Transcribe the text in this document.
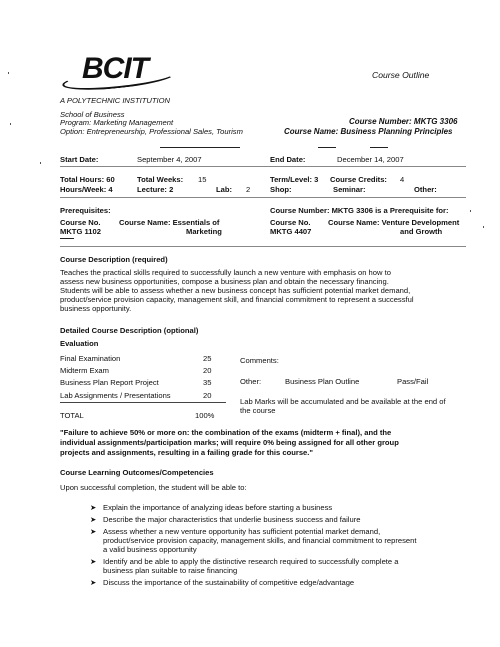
BCIT	Course Outline
A POLYTECHNIC INSTITUTION
School of Business
Program: Marketing Management
Option: Entrepreneurship, Professional Sales, Tourism
Course Number: MKTG 3306
Course Name: Business Planning Principles
Start Date:	September 4, 2007	End Date:	December 14, 2007
Total Hours: 60	Total Weeks: 15	Term/Level: 3 Course Credits: 4
Hours/Week: 4	Lecture: 2	Lab: 2	Shop:	Seminar:	Other:
Prerequisites:
Course No. Course Name: Essentials of
MKTG 1102	Marketing
Course Number: MKTG 3306 is a Prerequisite for:
Course No. Course Name: Venture Development
MKTG 4407	and Growth
Course Description (required)
Teaches the practical skills required to successfully launch a new venture with emphasis on how to
assess new business opportunities, compose a business plan and obtain the necessary financing.
Students will be able to assess whether a new business concept has sufficient potential market demand,
product/service provision capacity, management skill, and financial commitment to represent a successful
business opportunity.
Detailed Course Description (optional)
Evaluation
Final Examination	25
Midterm Exam	20
Business Plan Report Project	35
Lab Assignments / Presentations	20
TOTAL	100%
Comments:
Other:	Business Plan Outline	Pass/Fail
Lab Marks will be accumulated and be available at the end of
the course
"Failure to achieve 50% or more on: the combination of the exams (midterm + final), and the
individual assignments/participation marks; will require 0% being assigned for all other group
projects and assignments, resulting in a failing grade for this course."
Course Learning Outcomes/Competencies
Upon successful completion, the student will be able to:
➤ Explain the importance of analyzing ideas before starting a business
➤ Describe the major characteristics that underlie business success and failure
➤ Assess whether a new venture opportunity has sufficient potential market demand,
product/service provision capacity, management skills, and financial commitment to represent
a valid business opportunity
➤ Identify and be able to apply the distinctive research required to successfully complete a
business plan suitable to raise financing
➤ Discuss the importance of the sustainability of competitive edge/advantage
